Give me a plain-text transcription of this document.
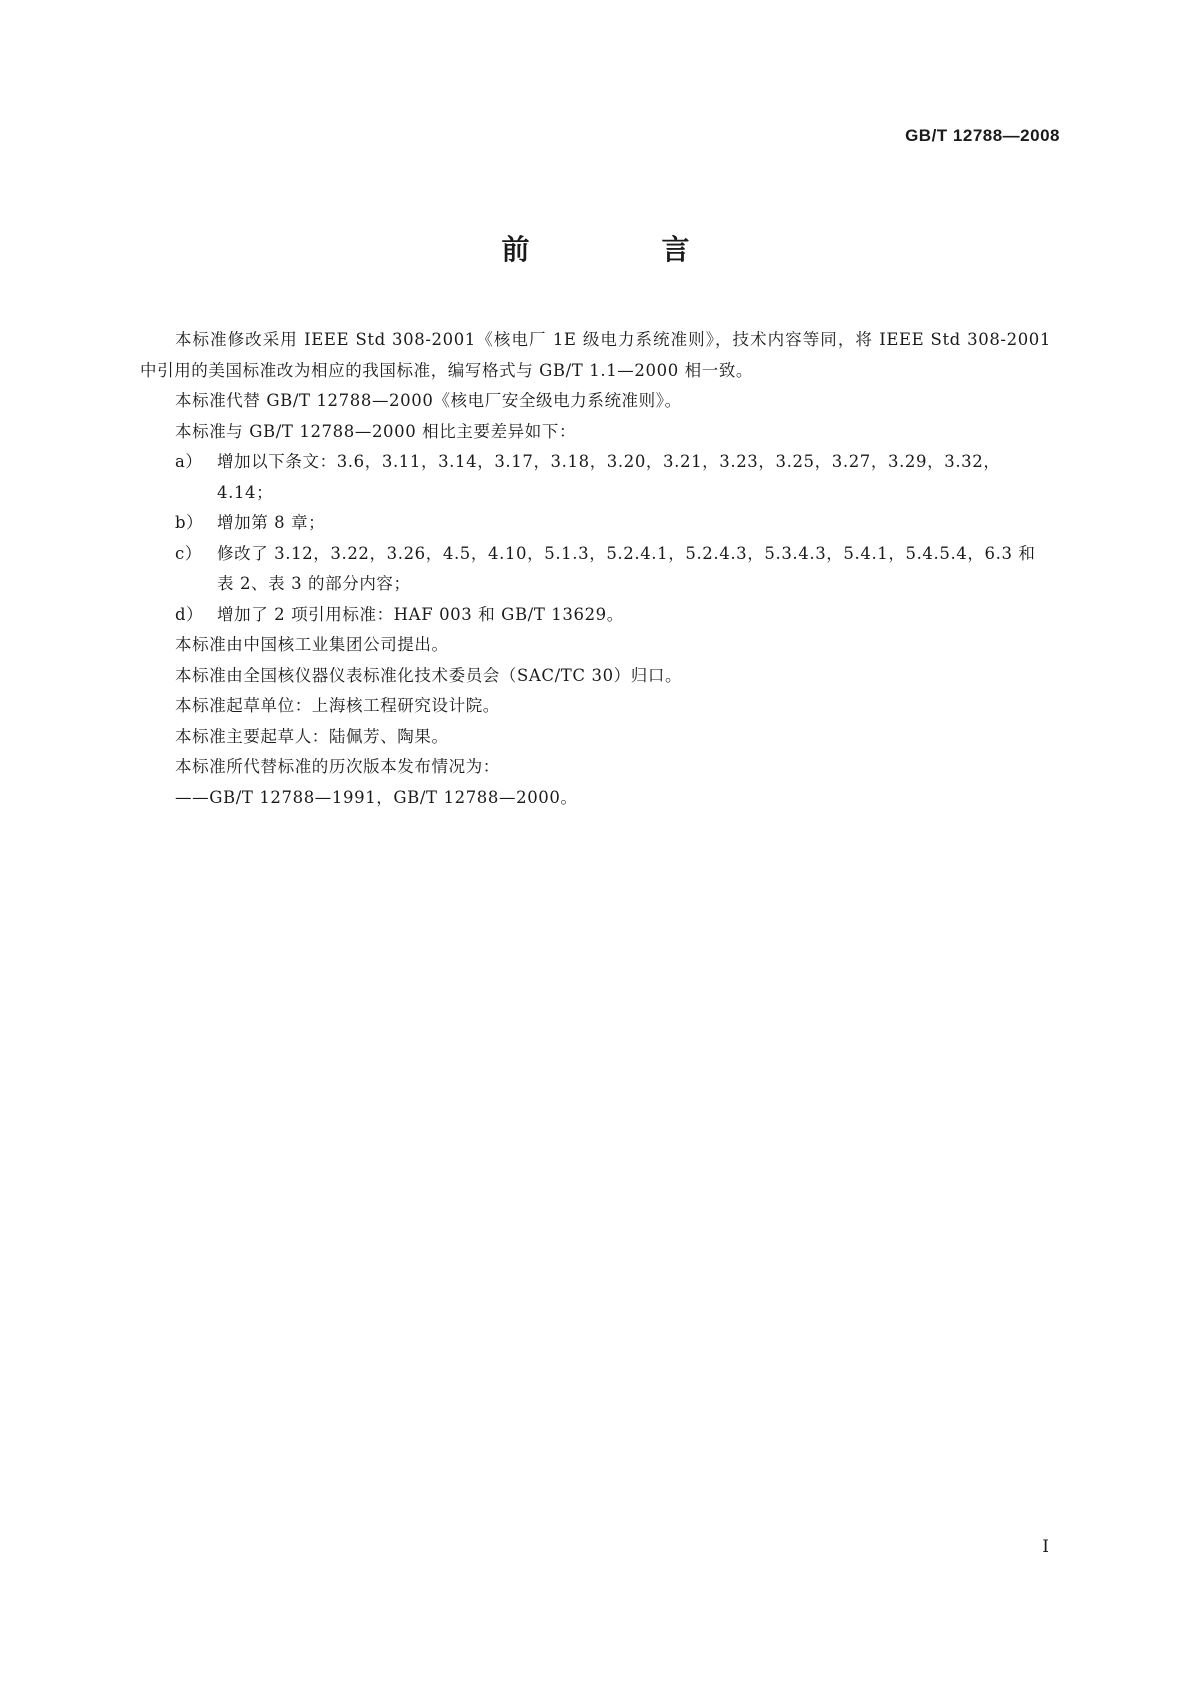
GB/T 12788—2008
前　言

本标准修改采用 IEEE Std 308-2001《核电厂 1E 级电力系统准则》，技术内容等同，将 IEEE Std 308-2001 中引用的美国标准改为相应的我国标准，编写格式与 GB/T 1.1—2000 相一致。

本标准代替 GB/T 12788—2000《核电厂安全级电力系统准则》。

本标准与 GB/T 12788—2000 相比主要差异如下：

a） 增加以下条文：3.6，3.11，3.14，3.17，3.18，3.20，3.21，3.23，3.25，3.27，3.29，3.32，4.14；
b） 增加第 8 章；
c） 修改了 3.12，3.22，3.26，4.5，4.10，5.1.3，5.2.4.1，5.2.4.3，5.3.4.3，5.4.1，5.4.5.4，6.3 和表 2、表 3 的部分内容；
d） 增加了 2 项引用标准：HAF 003 和 GB/T 13629。

本标准由中国核工业集团公司提出。

本标准由全国核仪器仪表标准化技术委员会（SAC/TC 30）归口。

本标准起草单位：上海核工程研究设计院。

本标准主要起草人：陆佩芳、陶果。

本标准所代替标准的历次版本发布情况为：

——GB/T 12788—1991，GB/T 12788—2000。

Ⅰ
